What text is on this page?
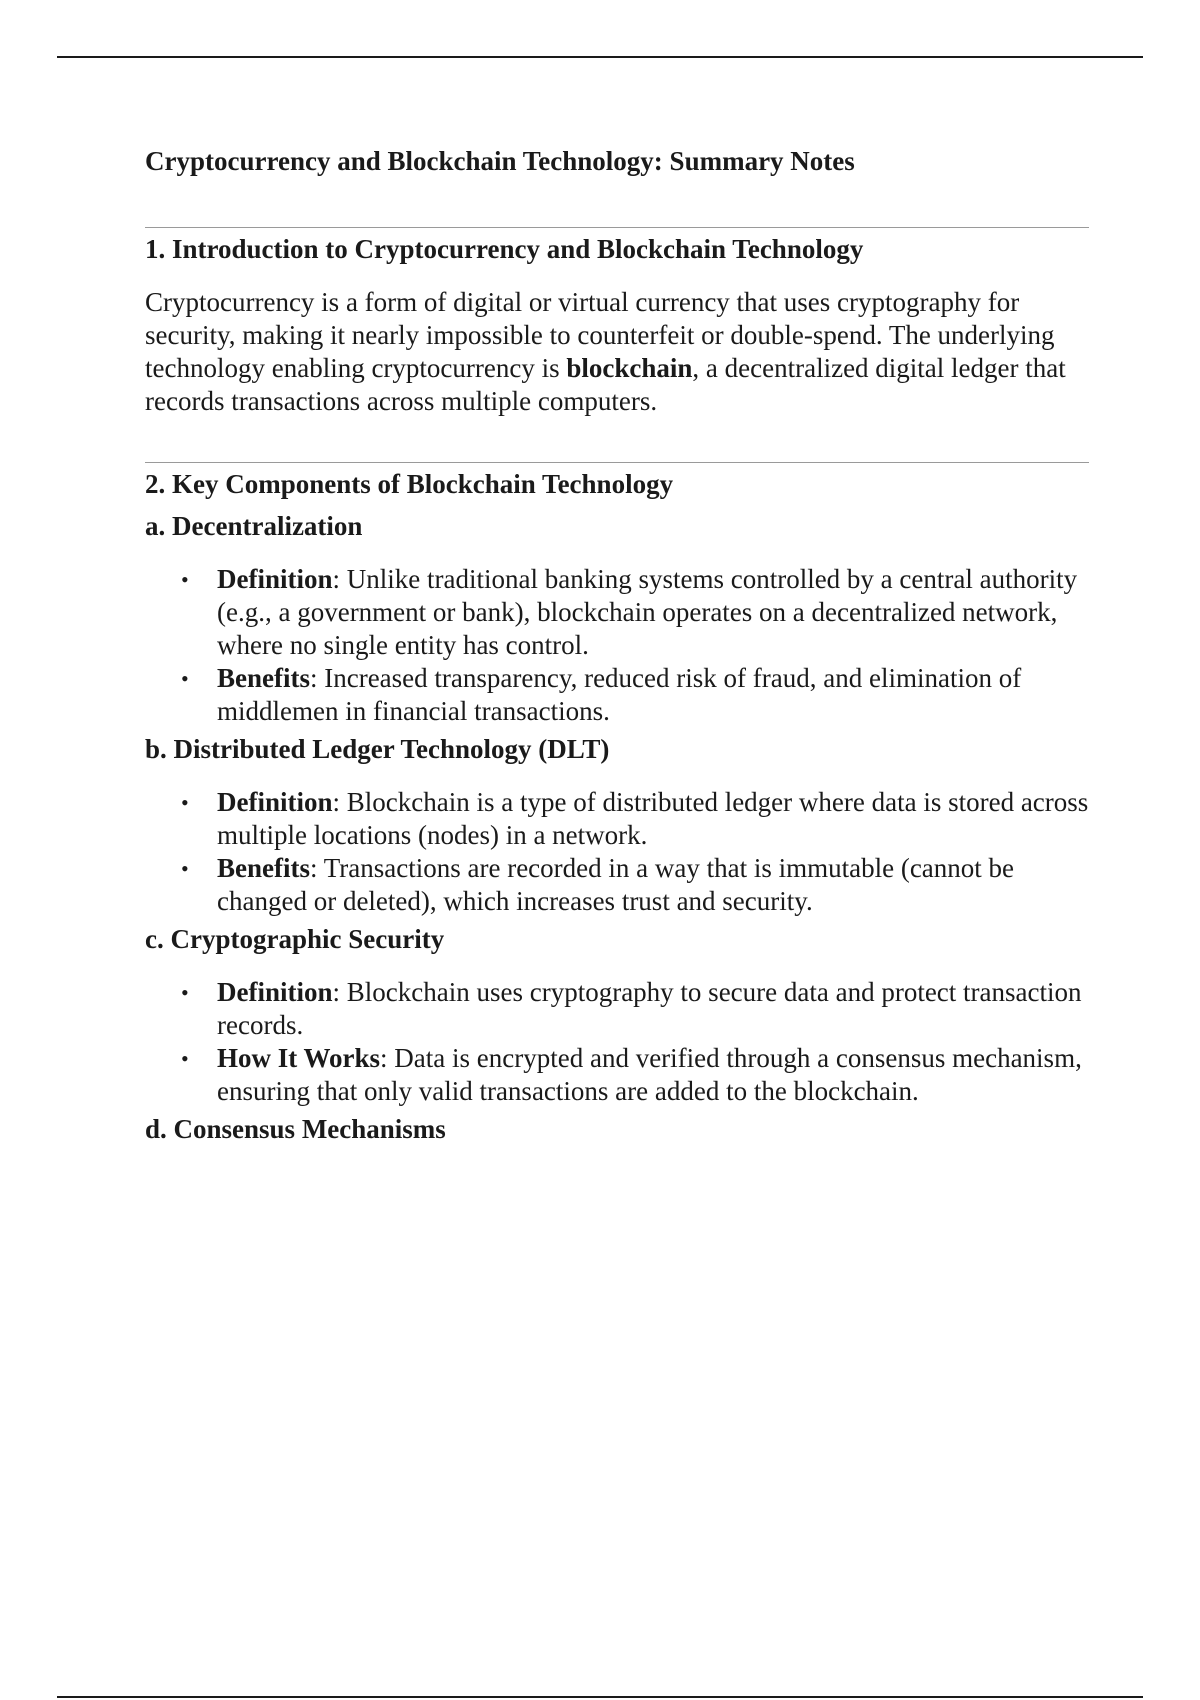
Cryptocurrency and Blockchain Technology: Summary Notes
1. Introduction to Cryptocurrency and Blockchain Technology

Cryptocurrency is a form of digital or virtual currency that uses cryptography for security, making it nearly impossible to counterfeit or double-spend. The underlying technology enabling cryptocurrency is blockchain, a decentralized digital ledger that records transactions across multiple computers.

2. Key Components of Blockchain Technology
a. Decentralization
• Definition: Unlike traditional banking systems controlled by a central authority (e.g., a government or bank), blockchain operates on a decentralized network, where no single entity has control.
• Benefits: Increased transparency, reduced risk of fraud, and elimination of middlemen in financial transactions.
b. Distributed Ledger Technology (DLT)
• Definition: Blockchain is a type of distributed ledger where data is stored across multiple locations (nodes) in a network.
• Benefits: Transactions are recorded in a way that is immutable (cannot be changed or deleted), which increases trust and security.
c. Cryptographic Security
• Definition: Blockchain uses cryptography to secure data and protect transaction records.
• How It Works: Data is encrypted and verified through a consensus mechanism, ensuring that only valid transactions are added to the blockchain.
d. Consensus Mechanisms
